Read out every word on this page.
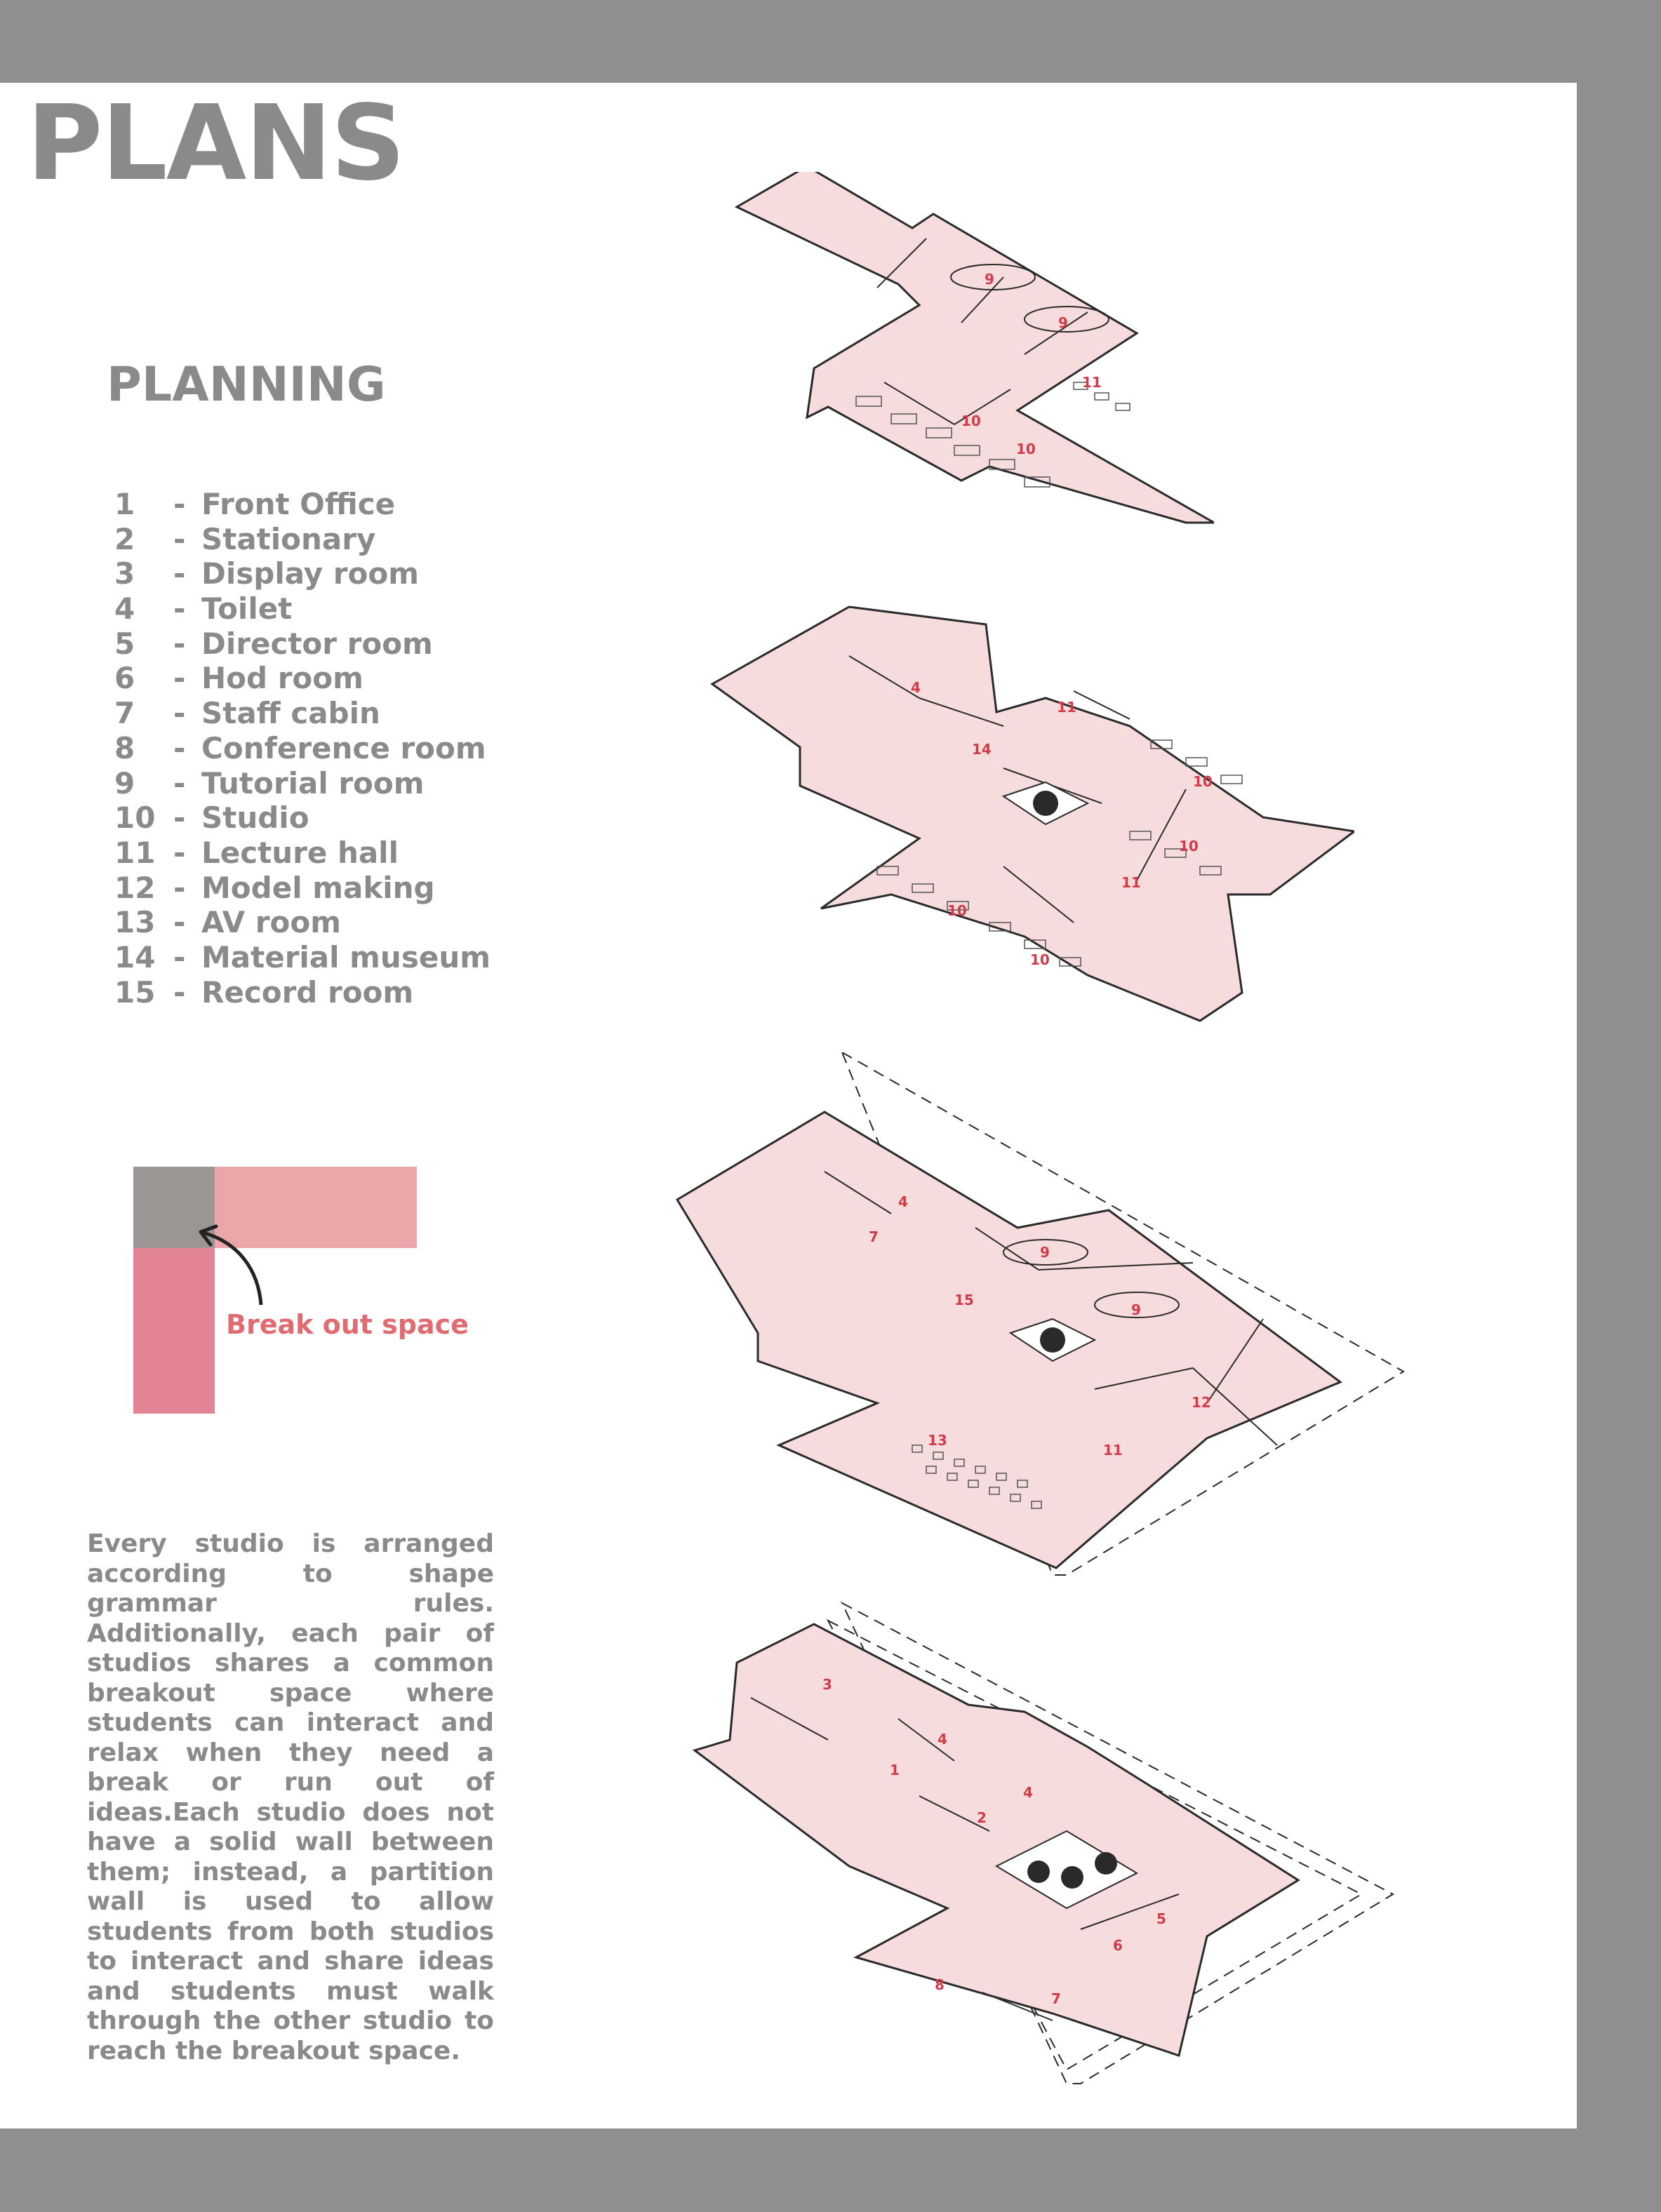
PLANS
PLANNING
1 - Front Office
2 - Stationary
3 - Display room
4 - Toilet
5 - Director room
6 - Hod room
7 - Staff cabin
8 - Conference room
9 - Tutorial room
10 - Studio
11 - Lecture hall
12 - Model making
13 - AV room
14 - Material museum
15 - Record room
Break out space

Every studio is arranged according to shape grammar rules. Additionally, each pair of studios shares a common breakout space where students can interact and relax when they need a break or run out of ideas.Each studio does not have a solid wall between them; instead, a partition wall is used to allow students from both studios to interact and share ideas and students must walk through the other studio to reach the breakout space.

9
9
11
10
10
4
11
14
10
10
11
10
10
4
7
9
15
9
12
13
11
3
4
1
4
2
5
6
8
7
